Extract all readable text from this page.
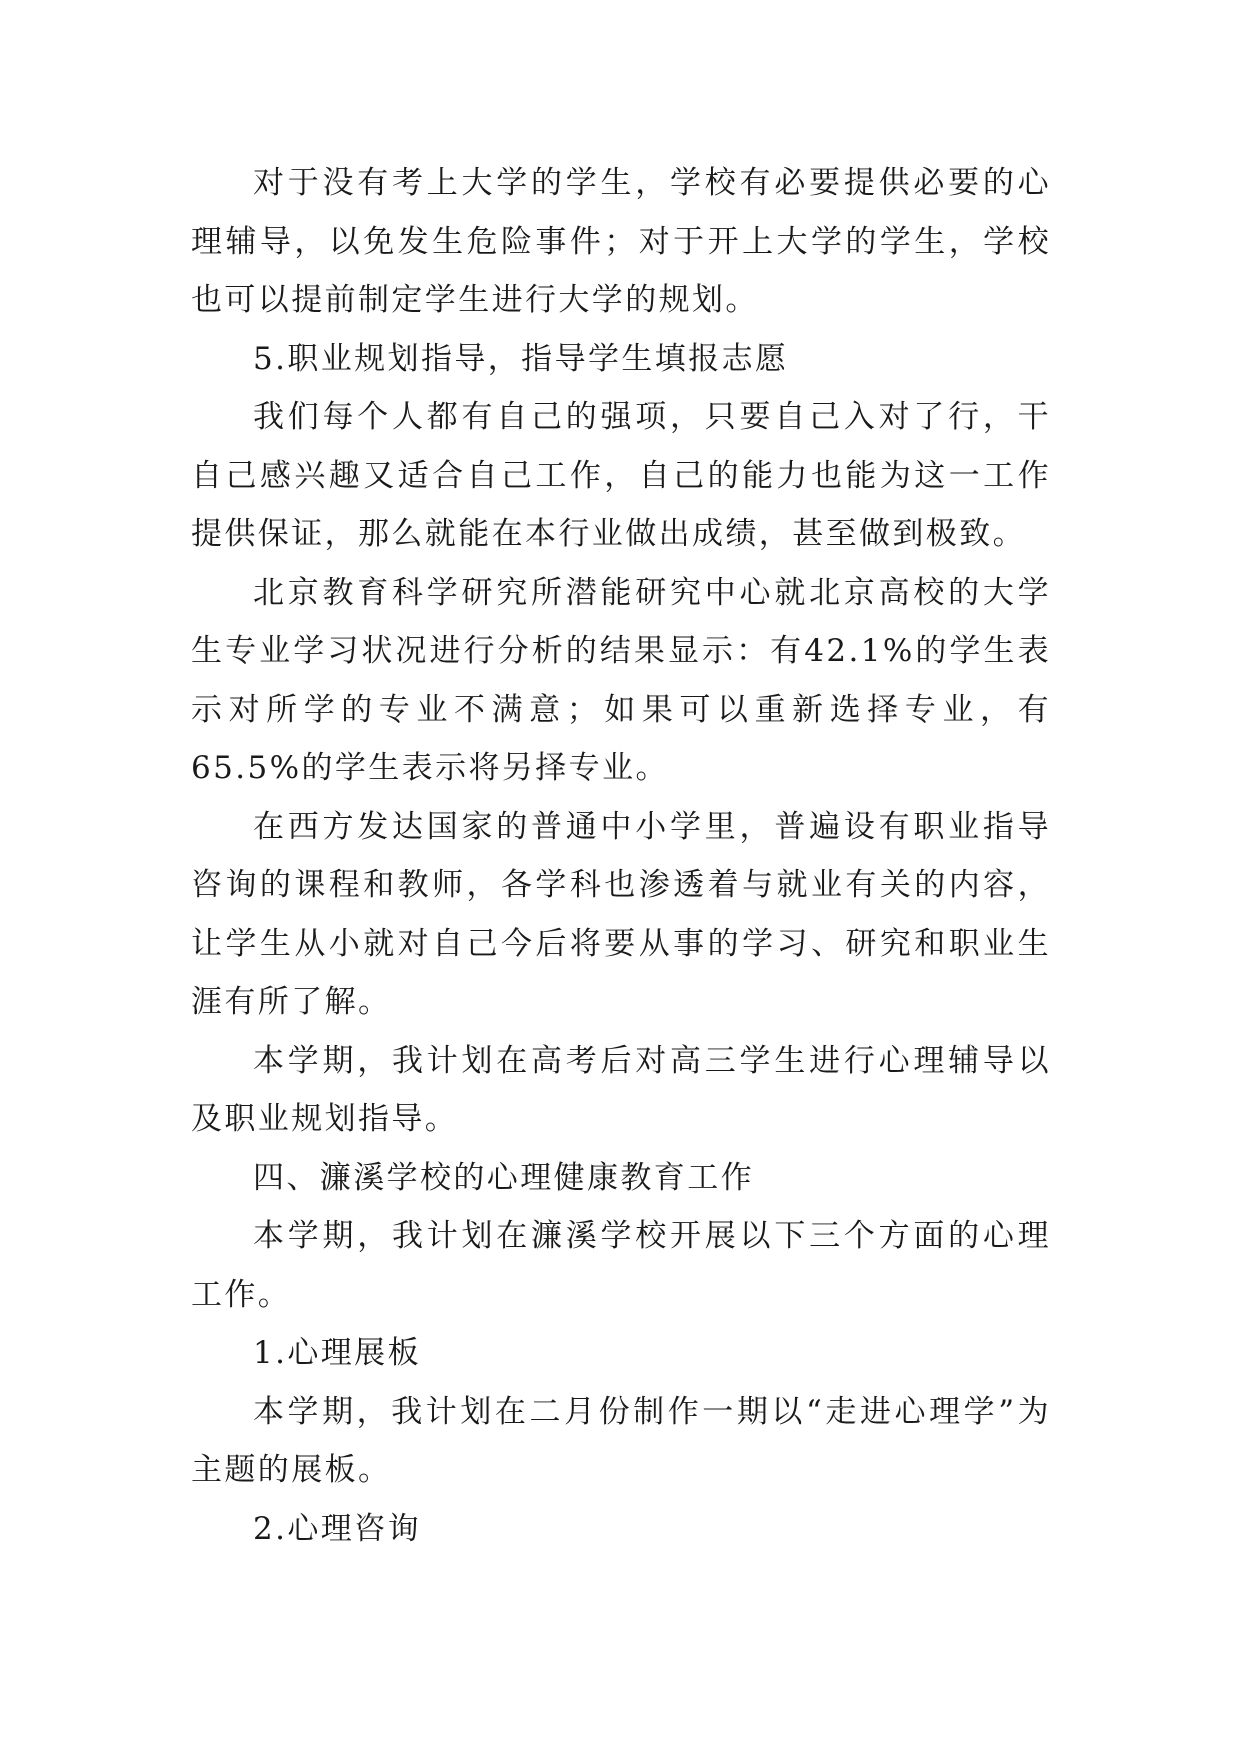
对于没有考上大学的学生，学校有必要提供必要的心理辅导，以免发生危险事件；对于开上大学的学生，学校也可以提前制定学生进行大学的规划。

5.职业规划指导，指导学生填报志愿

我们每个人都有自己的强项，只要自己入对了行，干自己感兴趣又适合自己工作，自己的能力也能为这一工作提供保证，那么就能在本行业做出成绩，甚至做到极致。

北京教育科学研究所潜能研究中心就北京高校的大学生专业学习状况进行分析的结果显示：有42.1%的学生表示对所学的专业不满意；如果可以重新选择专业，有65.5%的学生表示将另择专业。

在西方发达国家的普通中小学里，普遍设有职业指导咨询的课程和教师，各学科也渗透着与就业有关的内容，让学生从小就对自己今后将要从事的学习、研究和职业生涯有所了解。

本学期，我计划在高考后对高三学生进行心理辅导以及职业规划指导。

四、濂溪学校的心理健康教育工作

本学期，我计划在濂溪学校开展以下三个方面的心理工作。

1.心理展板

本学期，我计划在二月份制作一期以“走进心理学”为主题的展板。

2.心理咨询
